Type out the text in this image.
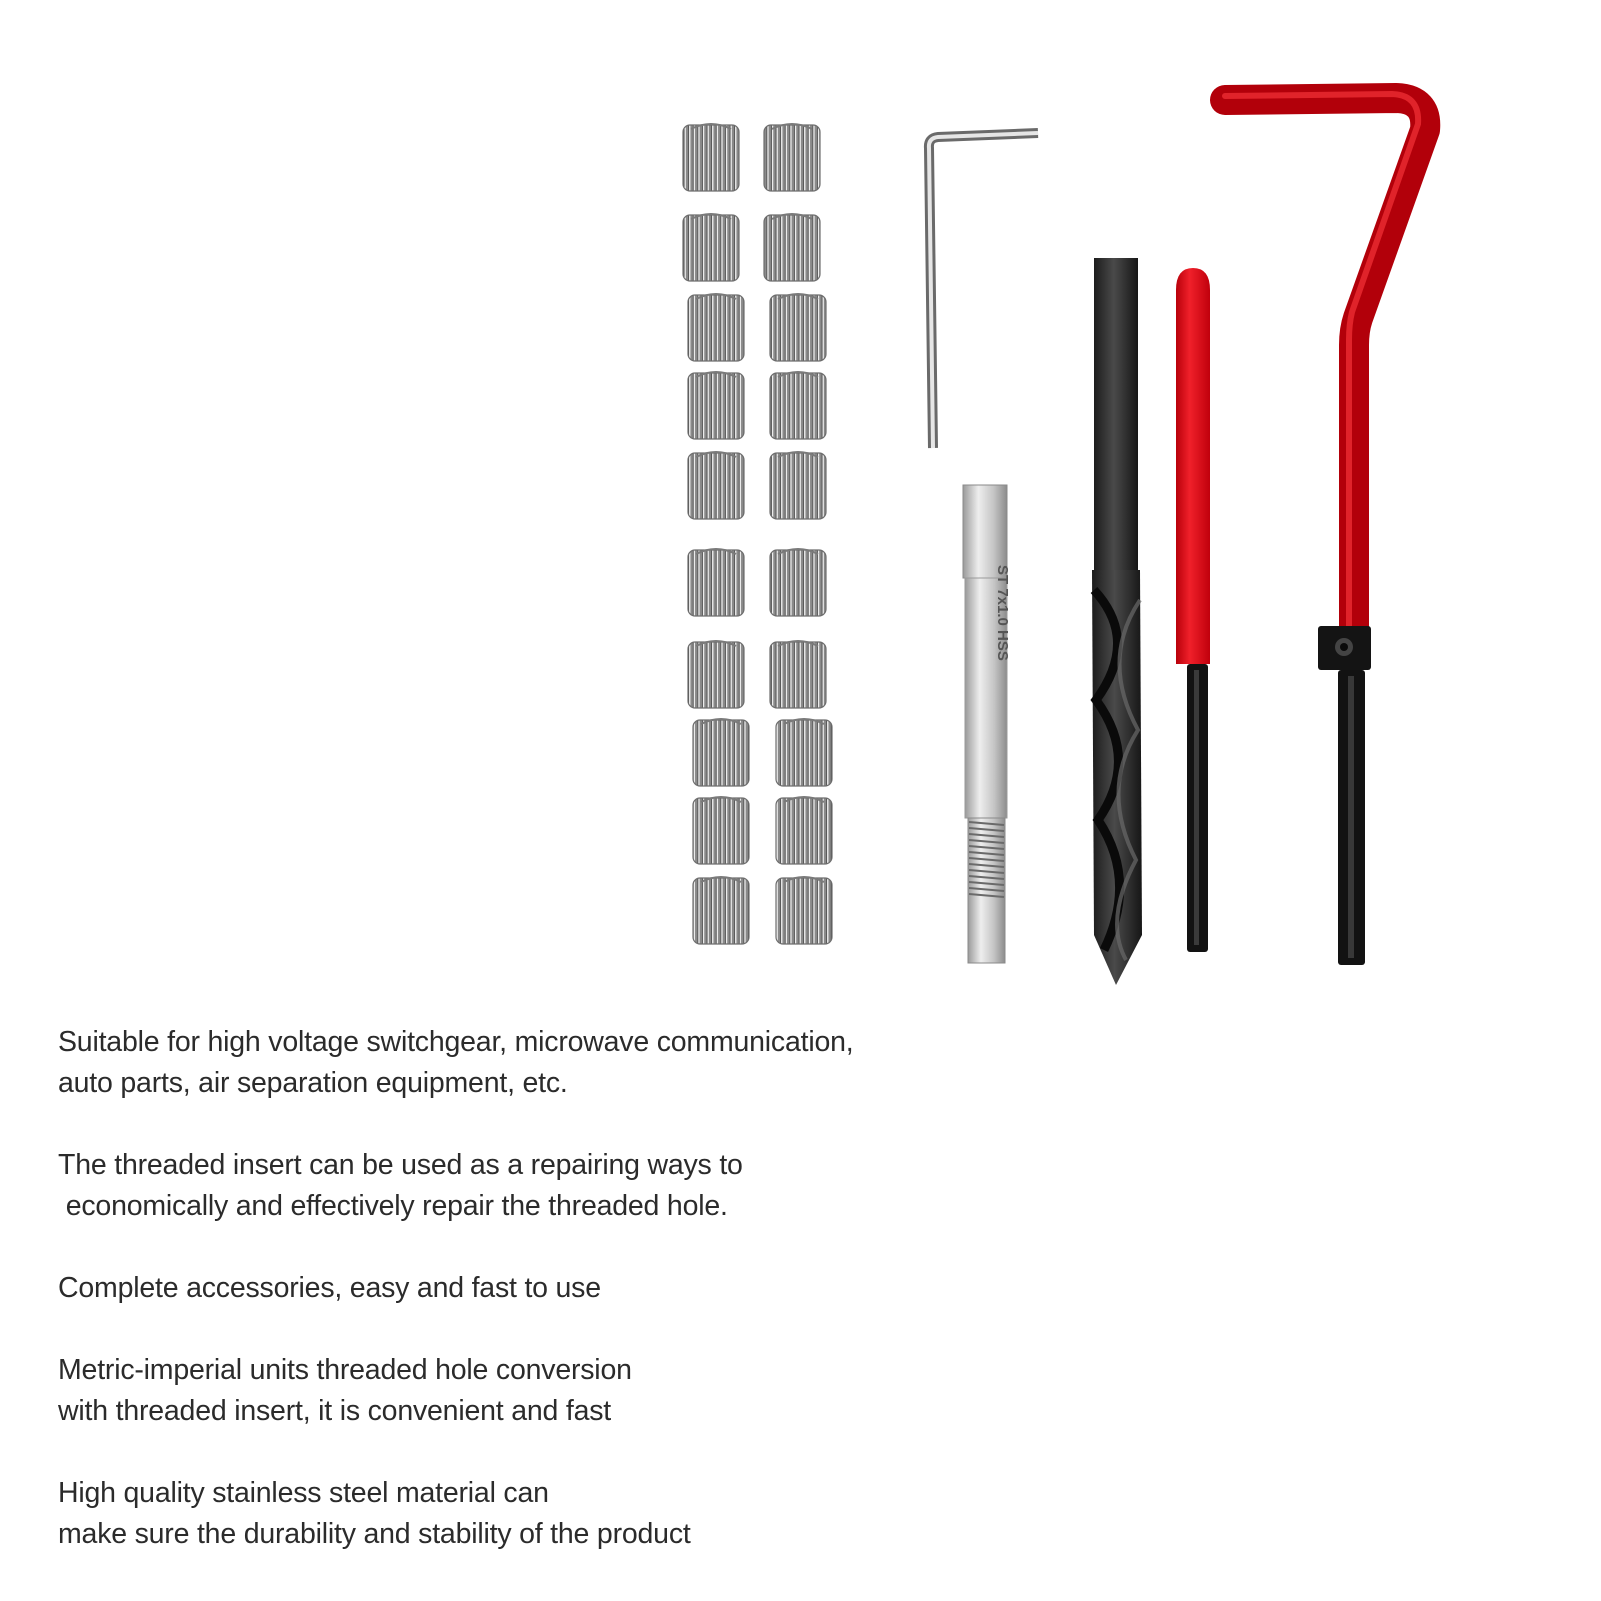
ST 7x1.0 HSS
Suitable for high voltage switchgear, microwave communication,
auto parts, air separation equipment, etc.
The threaded insert can be used as a repairing ways to
economically and effectively repair the threaded hole.
Complete accessories, easy and fast to use
Metric-imperial units threaded hole conversion
with threaded insert, it is convenient and fast
High quality stainless steel material can
make sure the durability and stability of the product
